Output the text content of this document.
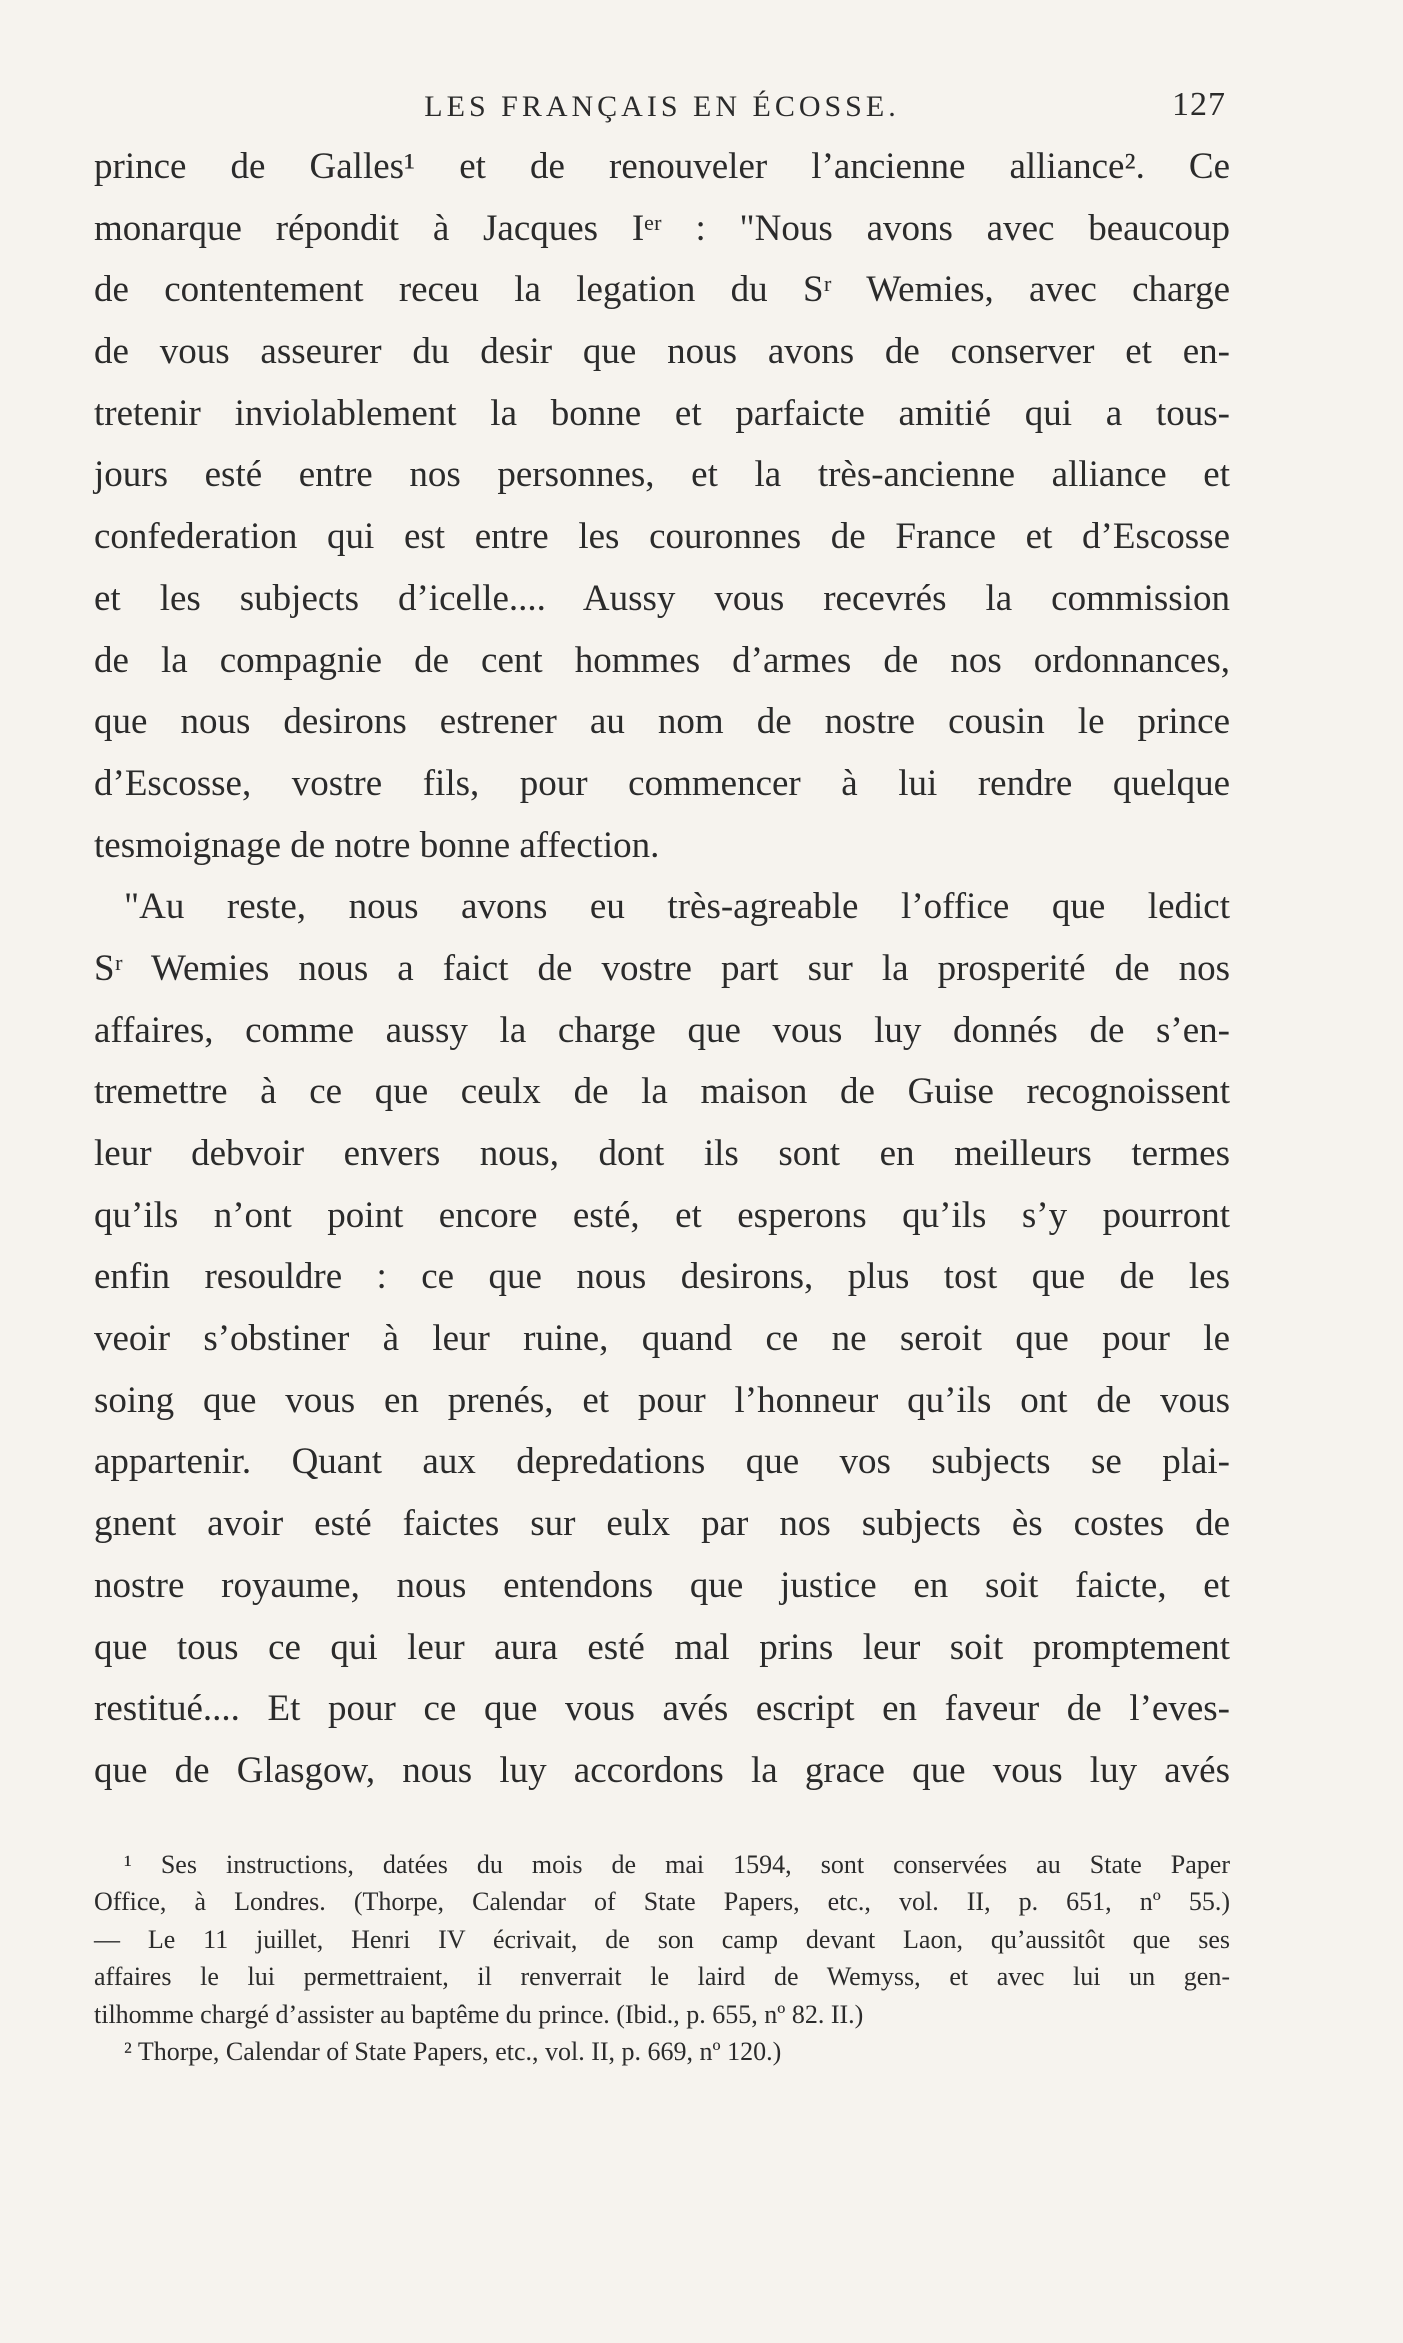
LES FRANÇAIS EN ÉCOSSE.	127
prince de Galles¹ et de renouveler l’ancienne alliance². Ce
monarque répondit à Jacques Iᵉʳ : "Nous avons avec beaucoup
de contentement receu la legation du Sʳ Wemies, avec charge
de vous asseurer du desir que nous avons de conserver et en-
tretenir inviolablement la bonne et parfaicte amitié qui a tous-
jours esté entre nos personnes, et la très-ancienne alliance et
confederation qui est entre les couronnes de France et d’Escosse
et les subjects d’icelle.... Aussy vous recevrés la commission
de la compagnie de cent hommes d’armes de nos ordonnances,
que nous desirons estrener au nom de nostre cousin le prince
d’Escosse, vostre fils, pour commencer à lui rendre quelque
tesmoignage de notre bonne affection.
"Au reste, nous avons eu très-agreable l’office que ledict
Sʳ Wemies nous a faict de vostre part sur la prosperité de nos
affaires, comme aussy la charge que vous luy donnés de s’en-
tremettre à ce que ceulx de la maison de Guise recognoissent
leur debvoir envers nous, dont ils sont en meilleurs termes
qu’ils n’ont point encore esté, et esperons qu’ils s’y pourront
enfin resouldre : ce que nous desirons, plus tost que de les
veoir s’obstiner à leur ruine, quand ce ne seroit que pour le
soing que vous en prenés, et pour l’honneur qu’ils ont de vous
appartenir. Quant aux depredations que vos subjects se plai-
gnent avoir esté faictes sur eulx par nos subjects ès costes de
nostre royaume, nous entendons que justice en soit faicte, et
que tous ce qui leur aura esté mal prins leur soit promptement
restitué.... Et pour ce que vous avés escript en faveur de l’eves-
que de Glasgow, nous luy accordons la grace que vous luy avés
¹ Ses instructions, datées du mois de mai 1594, sont conservées au State Paper
Office, à Londres. (Thorpe, Calendar of State Papers, etc., vol. II, p. 651, nº 55.)
— Le 11 juillet, Henri IV écrivait, de son camp devant Laon, qu’aussitôt que ses
affaires le lui permettraient, il renverrait le laird de Wemyss, et avec lui un gen-
tilhomme chargé d’assister au baptême du prince. (Ibid., p. 655, nº 82. II.)
² Thorpe, Calendar of State Papers, etc., vol. II, p. 669, nº 120.)
